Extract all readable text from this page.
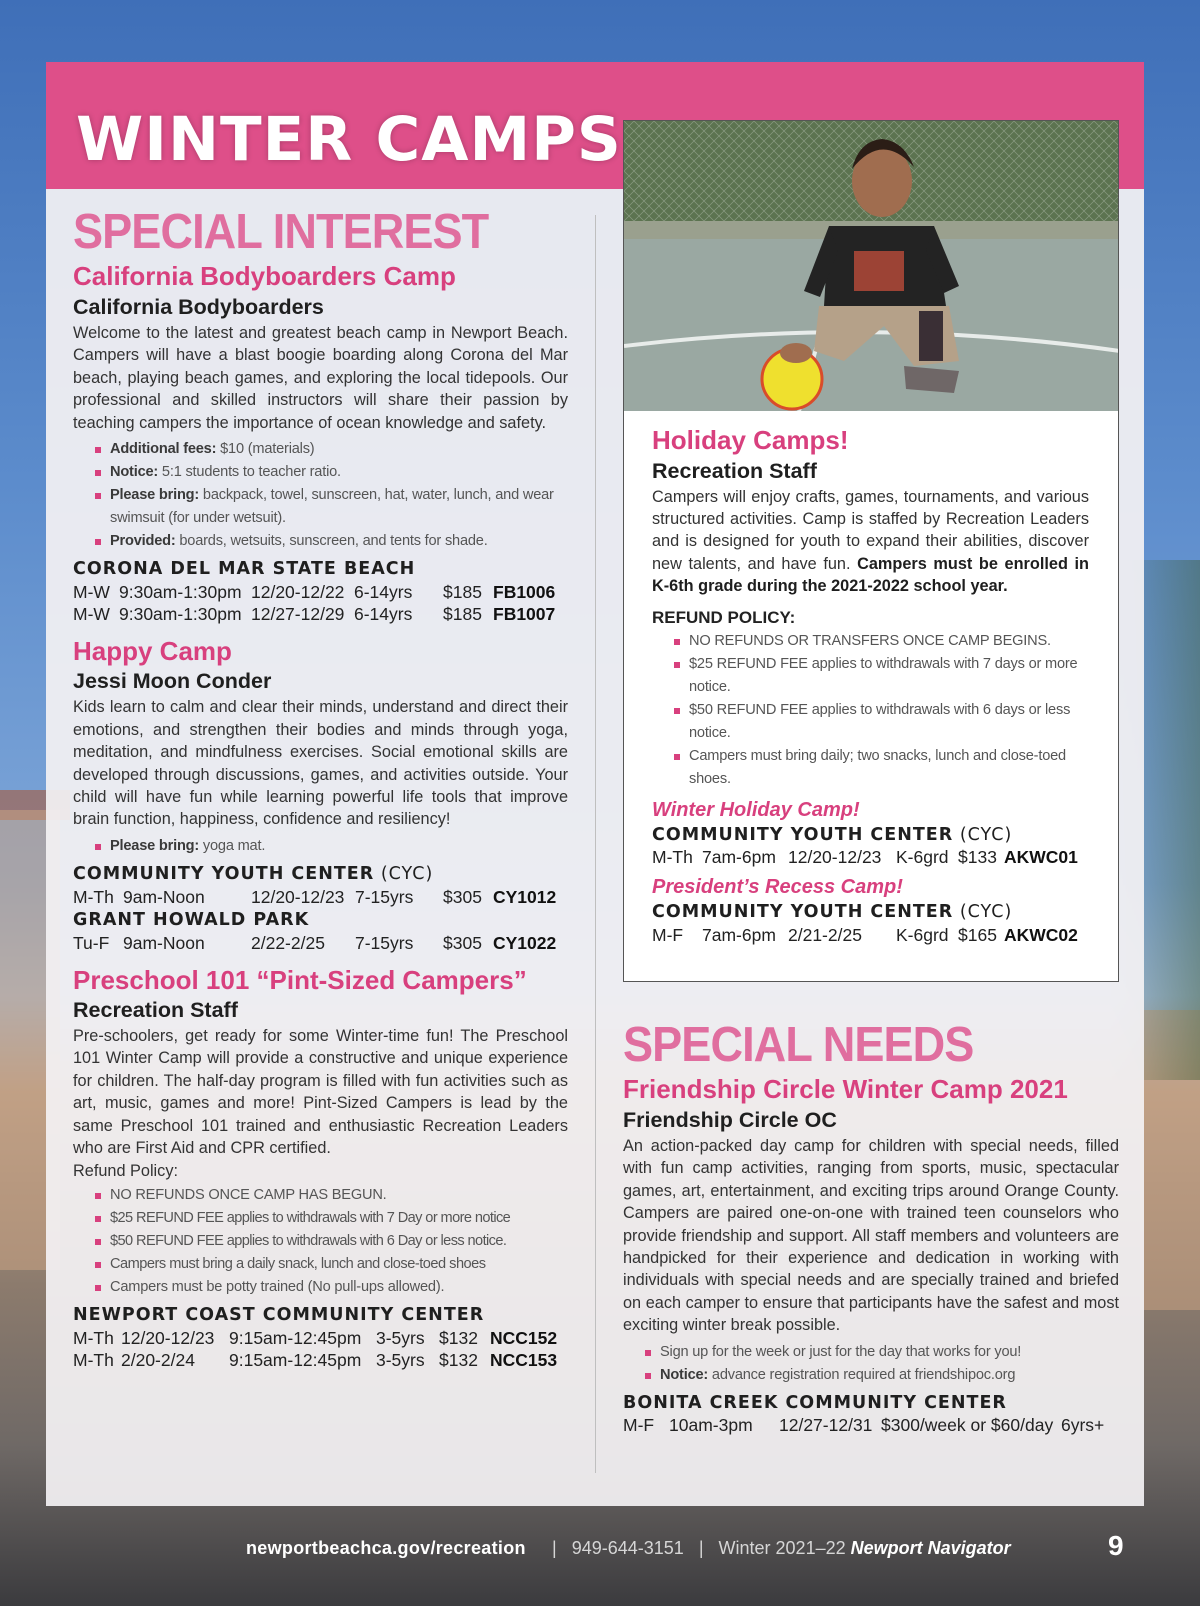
WINTER CAMPS
SPECIAL INTEREST
California Bodyboarders Camp
California Bodyboarders
Welcome to the latest and greatest beach camp in Newport Beach. Campers will have a blast boogie boarding along Corona del Mar beach, playing beach games, and exploring the local tidepools. Our professional and skilled instructors will share their passion by teaching campers the importance of ocean knowledge and safety.
Additional fees: $10 (materials)
Notice: 5:1 students to teacher ratio.
Please bring: backpack, towel, sunscreen, hat, water, lunch, and wear swimsuit (for under wetsuit).
Provided: boards, wetsuits, sunscreen, and tents for shade.
CORONA DEL MAR STATE BEACH
M-W 9:30am-1:30pm 12/20-12/22 6-14yrs	$185 FB1006
M-W 9:30am-1:30pm 12/27-12/29 6-14yrs	$185 FB1007
Happy Camp
Jessi Moon Conder
Kids learn to calm and clear their minds, understand and direct their emotions, and strengthen their bodies and minds through yoga, meditation, and mindfulness exercises. Social emotional skills are developed through discussions, games, and activities outside. Your child will have fun while learning powerful life tools that improve brain function, happiness, confidence and resiliency!
Please bring: yoga mat.
COMMUNITY YOUTH CENTER (CYC)
M-Th 9am-Noon	12/20-12/23 7-15yrs	$305 CY1012
GRANT HOWALD PARK
Tu-F 9am-Noon	2/22-2/25	7-15yrs	$305 CY1022
Preschool 101 “Pint-Sized Campers”
Recreation Staff
Pre-schoolers, get ready for some Winter-time fun! The Preschool 101 Winter Camp will provide a constructive and unique experience for children. The half-day program is filled with fun activities such as art, music, games and more! Pint-Sized Campers is lead by the same Preschool 101 trained and enthusiastic Recreation Leaders who are First Aid and CPR certified.
Refund Policy:
NO REFUNDS ONCE CAMP HAS BEGUN.
$25 REFUND FEE applies to withdrawals with 7 Day or more notice
$50 REFUND FEE applies to withdrawals with 6 Day or less notice.
Campers must bring a daily snack, lunch and close-toed shoes
Campers must be potty trained (No pull-ups allowed).
NEWPORT COAST COMMUNITY CENTER
M-Th 12/20-12/23 9:15am-12:45pm 3-5yrs $132 NCC152
M-Th 2/20-2/24	9:15am-12:45pm 3-5yrs $132 NCC153
Holiday Camps!
Recreation Staff
Campers will enjoy crafts, games, tournaments, and various structured activities. Camp is staffed by Recreation Leaders and is designed for youth to expand their abilities, discover new talents, and have fun. Campers must be enrolled in K-6th grade during the 2021-2022 school year.
REFUND POLICY:
NO REFUNDS OR TRANSFERS ONCE CAMP BEGINS.
$25 REFUND FEE applies to withdrawals with 7 days or more notice.
$50 REFUND FEE applies to withdrawals with 6 days or less notice.
Campers must bring daily; two snacks, lunch and close-toed shoes.
Winter Holiday Camp!
COMMUNITY YOUTH CENTER (CYC)
M-Th 7am-6pm 12/20-12/23 K-6grd $133 AKWC01
President’s Recess Camp!
COMMUNITY YOUTH CENTER (CYC)
M-F	7am-6pm 2/21-2/25	K-6grd $165 AKWC02
SPECIAL NEEDS
Friendship Circle Winter Camp 2021
Friendship Circle OC
An action-packed day camp for children with special needs, filled with fun camp activities, ranging from sports, music, spectacular games, art, entertainment, and exciting trips around Orange County. Campers are paired one-on-one with trained teen counselors who provide friendship and support. All staff members and volunteers are handpicked for their experience and dedication in working with individuals with special needs and are specially trained and briefed on each camper to ensure that participants have the safest and most exciting winter break possible.
Sign up for the week or just for the day that works for you!
Notice: advance registration required at friendshipoc.org
BONITA CREEK COMMUNITY CENTER
M-F 10am-3pm	12/27-12/31 $300/week or $60/day 6yrs+
newportbeachca.gov/recreation | 949-644-3151 | Winter 2021–22 Newport Navigator	9
